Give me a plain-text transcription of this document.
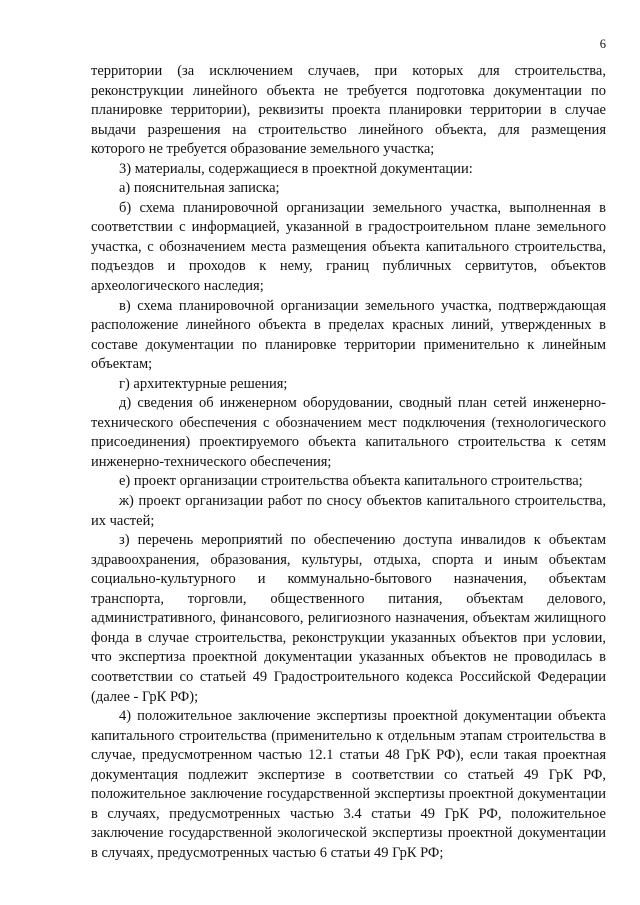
6

территории (за исключением случаев, при которых для строительства, реконструкции линейного объекта не требуется подготовка документации по планировке территории), реквизиты проекта планировки территории в случае выдачи разрешения на строительство линейного объекта, для размещения которого не требуется образование земельного участка;

3) материалы, содержащиеся в проектной документации:

а) пояснительная записка;

б) схема планировочной организации земельного участка, выполненная в соответствии с информацией, указанной в градостроительном плане земельного участка, с обозначением места размещения объекта капитального строительства, подъездов и проходов к нему, границ публичных сервитутов, объектов археологического наследия;

в) схема планировочной организации земельного участка, подтверждающая расположение линейного объекта в пределах красных линий, утвержденных в составе документации по планировке территории применительно к линейным объектам;

г) архитектурные решения;

д) сведения об инженерном оборудовании, сводный план сетей инженерно-технического обеспечения с обозначением мест подключения (технологического присоединения) проектируемого объекта капитального строительства к сетям инженерно-технического обеспечения;

е) проект организации строительства объекта капитального строительства;

ж) проект организации работ по сносу объектов капитального строительства, их частей;

з) перечень мероприятий по обеспечению доступа инвалидов к объектам здравоохранения, образования, культуры, отдыха, спорта и иным объектам социально-культурного и коммунально-бытового назначения, объектам транспорта, торговли, общественного питания, объектам делового, административного, финансового, религиозного назначения, объектам жилищного фонда в случае строительства, реконструкции указанных объектов при условии, что экспертиза проектной документации указанных объектов не проводилась в соответствии со статьей 49 Градостроительного кодекса Российской Федерации (далее - ГрК РФ);

4) положительное заключение экспертизы проектной документации объекта капитального строительства (применительно к отдельным этапам строительства в случае, предусмотренном частью 12.1 статьи 48 ГрК РФ), если такая проектная документация подлежит экспертизе в соответствии со статьей 49 ГрК РФ, положительное заключение государственной экспертизы проектной документации в случаях, предусмотренных частью 3.4 статьи 49 ГрК РФ, положительное заключение государственной экологической экспертизы проектной документации в случаях, предусмотренных частью 6 статьи 49 ГрК РФ;
